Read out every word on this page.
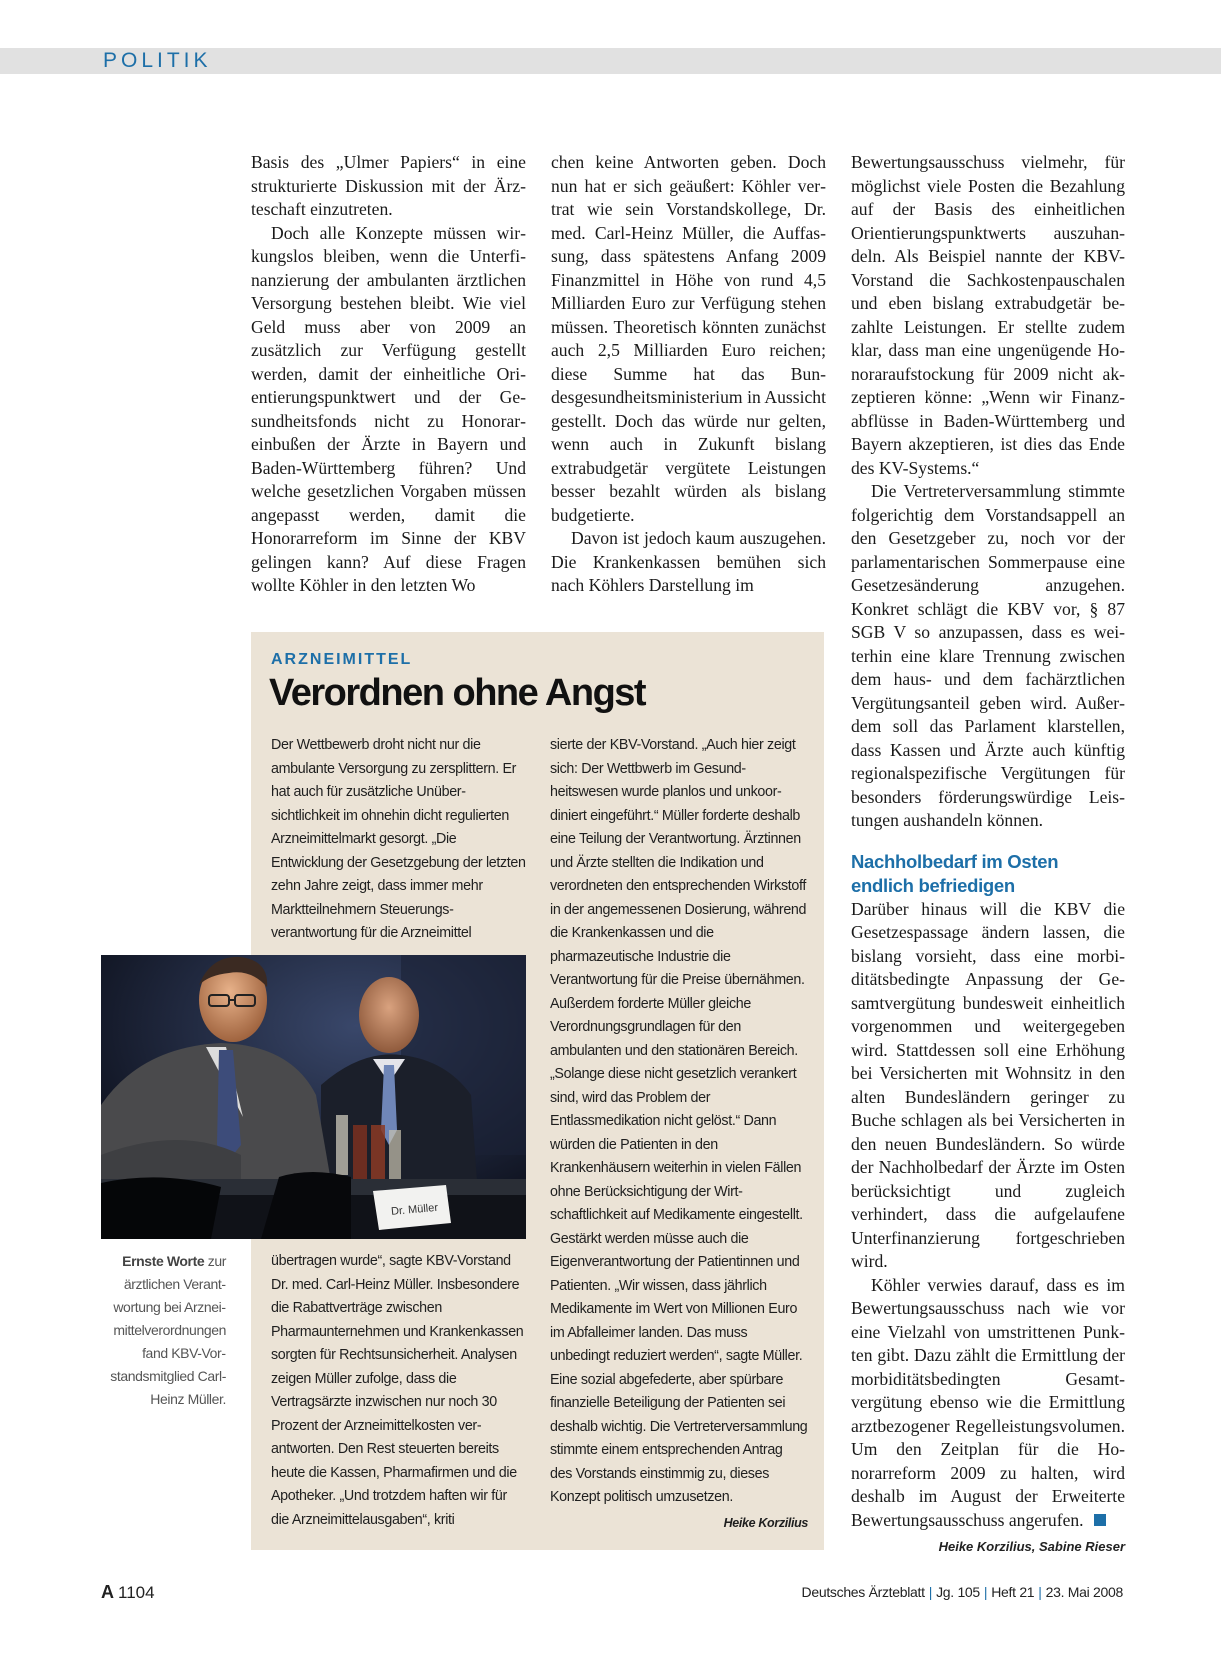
POLITIK

Basis des „Ulmer Papiers“ in eine strukturierte Diskussion mit der Ärzteschaft einzutreten.

Doch alle Konzepte müssen wirkungslos bleiben, wenn die Unterfinanzierung der ambulanten ärztlichen Versorgung bestehen bleibt. Wie viel Geld muss aber von 2009 an zusätzlich zur Verfügung gestellt werden, damit der einheitliche Orientierungspunktwert und der Gesundheitsfonds nicht zu Honorareinbußen der Ärzte in Bayern und Baden-Württemberg führen? Und welche gesetzlichen Vorgaben müssen angepasst werden, damit die Honorarreform im Sinne der KBV gelingen kann? Auf diese Fragen wollte Köhler in den letzten Wo

chen keine Antworten geben. Doch nun hat er sich geäußert: Köhler vertrat wie sein Vorstandskollege, Dr. med. Carl-Heinz Müller, die Auffassung, dass spätestens Anfang 2009 Finanzmittel in Höhe von rund 4,5 Milliarden Euro zur Verfügung stehen müssen. Theoretisch könnten zunächst auch 2,5 Milliarden Euro reichen; diese Summe hat das Bundesgesundheitsministerium in Aussicht gestellt. Doch das würde nur gelten, wenn auch in Zukunft bislang extrabudgetär vergütete Leistungen besser bezahlt würden als bislang budgetierte.

Davon ist jedoch kaum auszugehen. Die Krankenkassen bemühen sich nach Köhlers Darstellung im

Bewertungsausschuss vielmehr, für möglichst viele Posten die Bezahlung auf der Basis des einheitlichen Orientierungspunktwerts auszuhandeln. Als Beispiel nannte der KBV-Vorstand die Sachkostenpauschalen und eben bislang extrabudgetär bezahlte Leistungen. Er stellte zudem klar, dass man eine ungenügende Honoraraufstockung für 2009 nicht akzeptieren könne: „Wenn wir Finanzabflüsse in Baden-Württemberg und Bayern akzeptieren, ist dies das Ende des KV-Systems.“

Die Vertreterversammlung stimmte folgerichtig dem Vorstandsappell an den Gesetzgeber zu, noch vor der parlamentarischen Sommerpause eine Gesetzesänderung anzugehen. Konkret schlägt die KBV vor, § 87 SGB V so anzupassen, dass es weiterhin eine klare Trennung zwischen dem haus- und dem fachärztlichen Vergütungsanteil geben wird. Außerdem soll das Parlament klarstellen, dass Kassen und Ärzte auch künftig regionalspezifische Vergütungen für besonders förderungswürdige Leistungen aushandeln können.

Nachholbedarf im Osten endlich befriedigen

Darüber hinaus will die KBV die Gesetzespassage ändern lassen, die bislang vorsieht, dass eine morbiditätsbedingte Anpassung der Gesamtvergütung bundesweit einheitlich vorgenommen und weitergegeben wird. Stattdessen soll eine Erhöhung bei Versicherten mit Wohnsitz in den alten Bundesländern geringer zu Buche schlagen als bei Versicherten in den neuen Bundesländern. So würde der Nachholbedarf der Ärzte im Osten berücksichtigt und zugleich verhindert, dass die aufgelaufene Unterfinanzierung fortgeschrieben wird.

Köhler verwies darauf, dass es im Bewertungsausschuss nach wie vor eine Vielzahl von umstrittenen Punkten gibt. Dazu zählt die Ermittlung der morbiditätsbedingten Gesamtvergütung ebenso wie die Ermittlung arztbezogener Regelleistungsvolumen. Um den Zeitplan für die Honorarreform 2009 zu halten, wird deshalb im August der Erweiterte Bewertungsausschuss angerufen.

Heike Korzilius, Sabine Rieser
ARZNEIMITTEL
Verordnen ohne Angst

Der Wettbewerb droht nicht nur die ambulante Versorgung zu zersplittern. Er hat auch für zusätzliche Unübersichtlichkeit im ohnehin dicht regulierten Arzneimittelmarkt gesorgt. „Die Entwicklung der Gesetzgebung der letzten zehn Jahre zeigt, dass immer mehr Marktteilnehmern Steuerungsverantwortung für die Arzneimittel

übertragen wurde“, sagte KBV-Vorstand Dr. med. Carl-Heinz Müller. Insbesondere die Rabattverträge zwischen Pharmaunternehmen und Krankenkassen sorgten für Rechtsunsicherheit. Analysen zeigen Müller zufolge, dass die Vertragsärzte inzwischen nur noch 30 Prozent der Arzneimittelkosten verantworten. Den Rest steuerten bereits heute die Kassen, Pharmafirmen und die Apotheker. „Und trotzdem haften wir für die Arzneimittelausgaben“, kriti

sierte der KBV-Vorstand. „Auch hier zeigt sich: Der Wettbwerb im Gesundheitswesen wurde planlos und unkoordiniert eingeführt.“ Müller forderte deshalb eine Teilung der Verantwortung. Ärztinnen und Ärzte stellten die Indikation und verordneten den entsprechenden Wirkstoff in der angemessenen Dosierung, während die Krankenkassen und die pharmazeutische Industrie die Verantwortung für die Preise übernähmen. Außerdem forderte Müller gleiche Verordnungsgrundlagen für den ambulanten und den stationären Bereich. „Solange diese nicht gesetzlich verankert sind, wird das Problem der Entlassmedikation nicht gelöst.“ Dann würden die Patienten in den Krankenhäusern weiterhin in vielen Fällen ohne Berücksichtigung der Wirtschaftlichkeit auf Medikamente eingestellt. Gestärkt werden müsse auch die Eigenverantwortung der Patientinnen und Patienten. „Wir wissen, dass jährlich Medikamente im Wert von Millionen Euro im Abfalleimer landen. Das muss unbedingt reduziert werden“, sagte Müller. Eine sozial abgefederte, aber spürbare finanzielle Beteiligung der Patienten sei deshalb wichtig. Die Vertreterversammlung stimmte einem entsprechenden Antrag des Vorstands einstimmig zu, dieses Konzept politisch umzusetzen.
Heike Korzilius

Dr. Müller
Ernste Worte zur ärztlichen Verantwortung bei Arzneimittelverordnungen fand KBV-Vorstandsmitglied Carl-Heinz Müller.
A 1104	Deutsches Ärzteblatt | Jg. 105 | Heft 21 | 23. Mai 2008
